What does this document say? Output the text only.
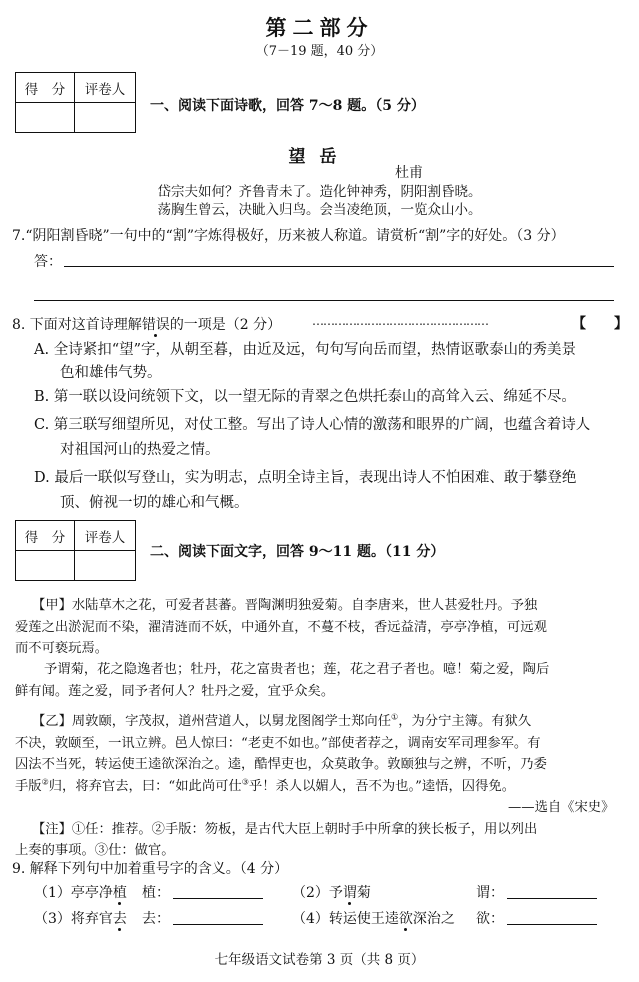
第二部分
（7－19 题，40 分）
得　分	评卷人

一、阅读下面诗歌，回答 7～8 题。（5 分）
望岳
杜甫
岱宗夫如何？齐鲁青未了。造化钟神秀，阴阳割昏晓。
荡胸生曾云，决眦入归鸟。会当凌绝顶，一览众山小。
7.“阴阳割昏晓”一句中的“割”字炼得极好，历来被人称道。请赏析“割”字的好处。（3 分）
答：
8. 下面对这首诗理解错误的一项是（2 分）	…………………………………………	【　　】
A. 全诗紧扣“望”字，从朝至暮，由近及远，句句写向岳而望，热情讴歌泰山的秀美景
色和雄伟气势。
B. 第一联以设问统领下文，以一望无际的青翠之色烘托泰山的高耸入云、绵延不尽。
C. 第三联写细望所见，对仗工整。写出了诗人心情的激荡和眼界的广阔，也蕴含着诗人
对祖国河山的热爱之情。
D. 最后一联似写登山，实为明志，点明全诗主旨，表现出诗人不怕困难、敢于攀登绝
顶、俯视一切的雄心和气概。
得　分	评卷人

二、阅读下面文字，回答 9～11 题。（11 分）
【甲】水陆草木之花，可爱者甚蕃。晋陶渊明独爱菊。自李唐来，世人甚爱牡丹。予独
爱莲之出淤泥而不染，濯清涟而不妖，中通外直，不蔓不枝，香远益清，亭亭净植，可远观
而不可亵玩焉。
予谓菊，花之隐逸者也；牡丹，花之富贵者也；莲，花之君子者也。噫！菊之爱，陶后
鲜有闻。莲之爱，同予者何人？牡丹之爱，宜乎众矣。
【乙】周敦颐，字茂叔，道州营道人，以舅龙图阁学士郑向任①，为分宁主簿。有狱久
不决，敦颐至，一讯立辨。邑人惊曰：“老吏不如也。”部使者荐之，调南安军司理参军。有
囚法不当死，转运使王逵欲深治之。逵，酷悍吏也，众莫敢争。敦颐独与之辨，不听，乃委
手版②归，将弃官去，曰：“如此尚可仕③乎！杀人以媚人，吾不为也。”逵悟，囚得免。
——选自《宋史》
【注】①任：推荐。②手版：笏板，是古代大臣上朝时手中所拿的狭长板子，用以列出
上奏的事项。③仕：做官。
9. 解释下列句中加着重号字的含义。（4 分）
（1）亭亭净植 植：	（2）予谓菊	谓：
（3）将弃官去 去：	（4）转运使王逵欲深治之 欲：
七年级语文试卷第 3 页（共 8 页）
